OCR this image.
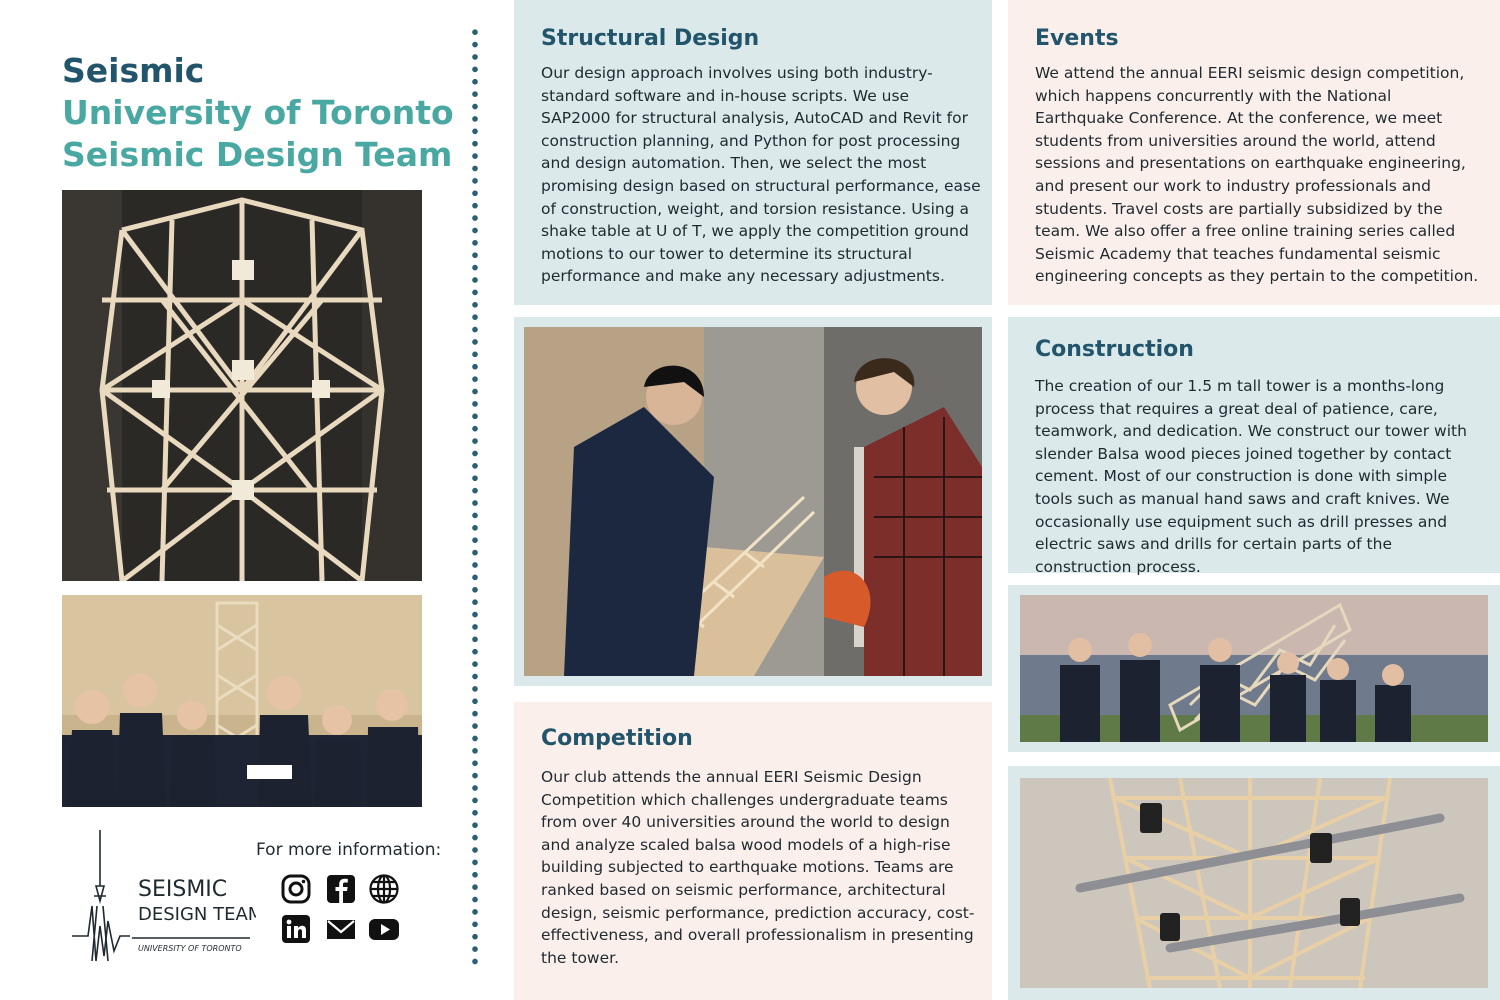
Seismic
University of Toronto
Seismic Design Team
SEISMIC
DESIGN TEAM
UNIVERSITY OF TORONTO
For more information:
Structural Design

Our design approach involves using both industry-standard software and in-house scripts. We use SAP2000 for structural analysis, AutoCAD and Revit for construction planning, and Python for post processing and design automation. Then, we select the most promising design based on structural performance, ease of construction, weight, and torsion resistance. Using a shake table at U of T, we apply the competition ground motions to our tower to determine its structural performance and make any necessary adjustments.

Events

We attend the annual EERI seismic design competition, which happens concurrently with the National Earthquake Conference. At the conference, we meet students from universities around the world, attend sessions and presentations on earthquake engineering, and present our work to industry professionals and students. Travel costs are partially subsidized by the team. We also offer a free online training series called Seismic Academy that teaches fundamental seismic engineering concepts as they pertain to the competition.

Construction

The creation of our 1.5 m tall tower is a months-long process that requires a great deal of patience, care, teamwork, and dedication. We construct our tower with slender Balsa wood pieces joined together by contact cement. Most of our construction is done with simple tools such as manual hand saws and craft knives. We occasionally use equipment such as drill presses and electric saws and drills for certain parts of the construction process.

Competition

Our club attends the annual EERI Seismic Design Competition which challenges undergraduate teams from over 40 universities around the world to design and analyze scaled balsa wood models of a high-rise building subjected to earthquake motions. Teams are ranked based on seismic performance, architectural design, seismic performance, prediction accuracy, cost-effectiveness, and overall professionalism in presenting the tower.
